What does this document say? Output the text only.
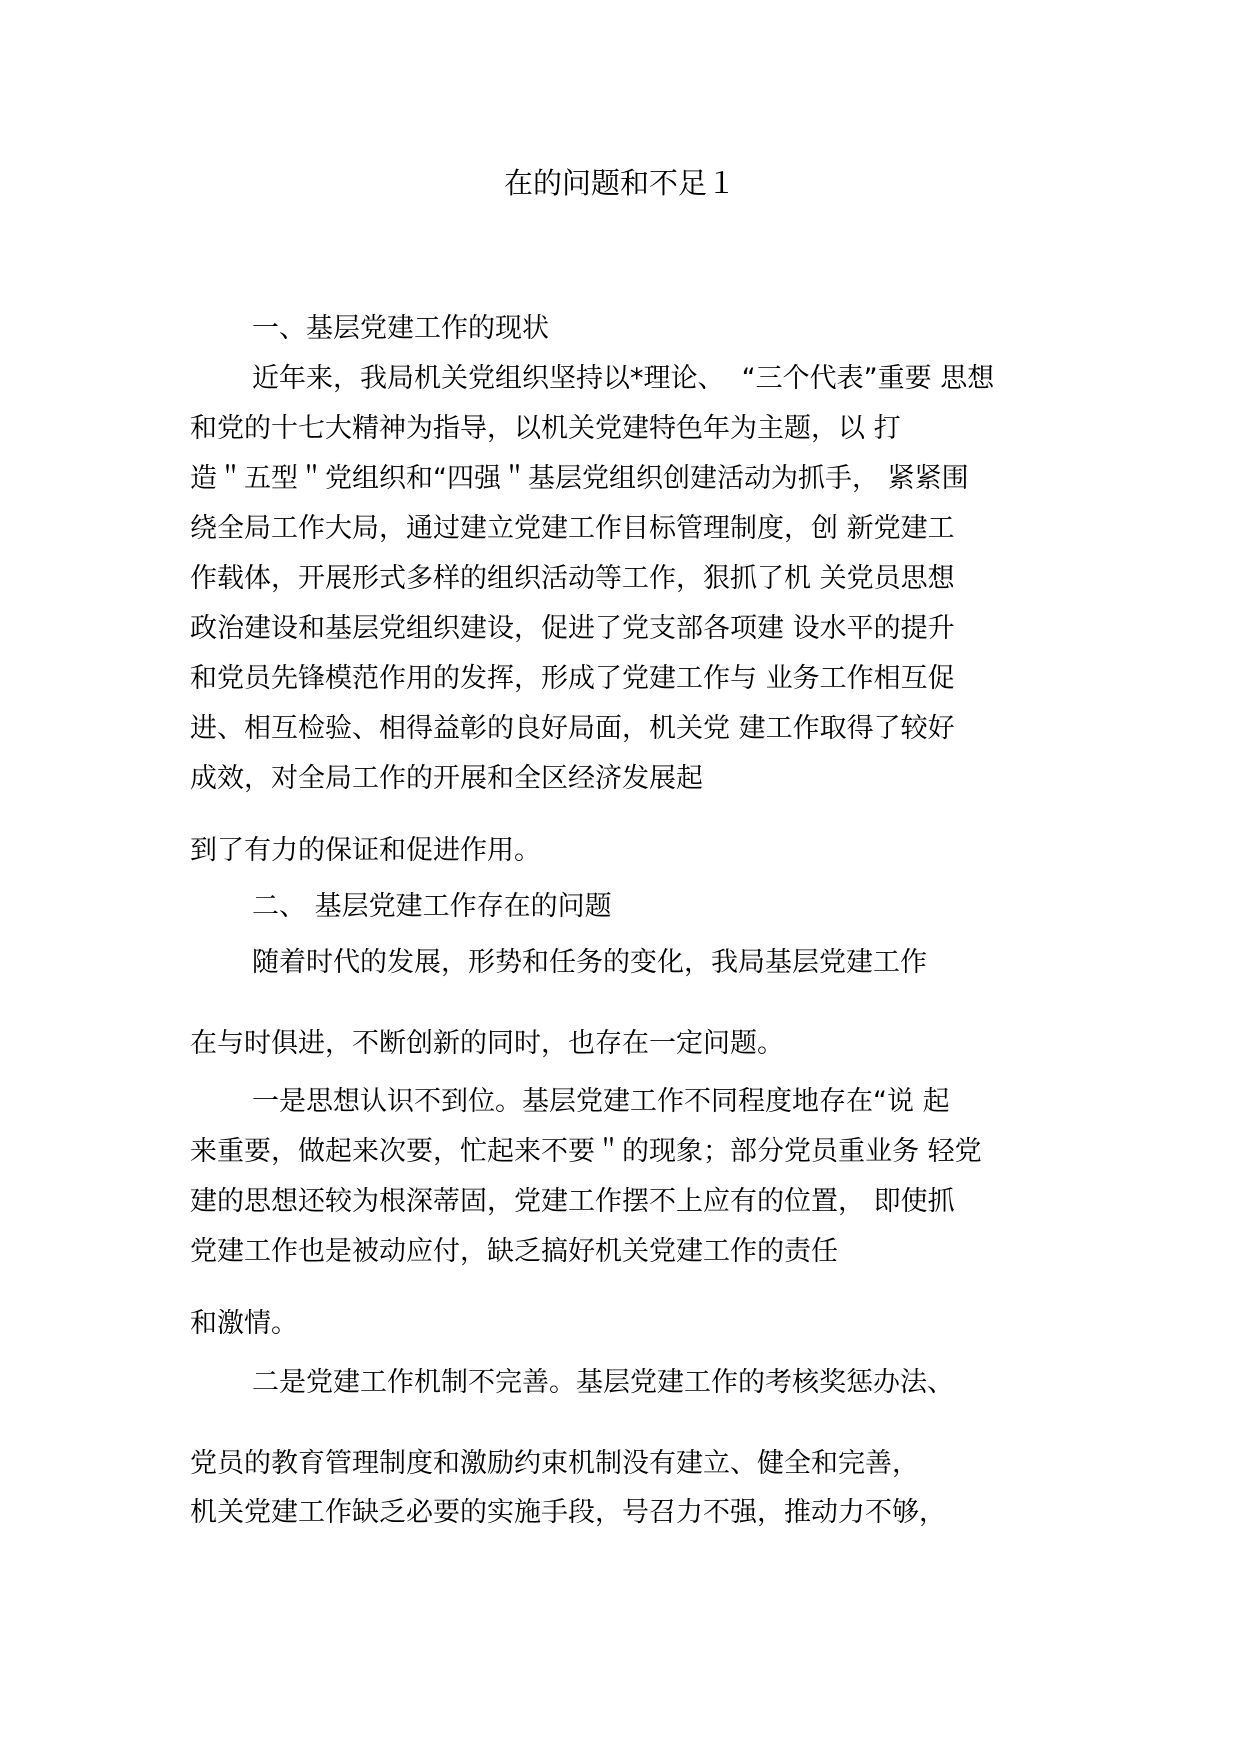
在的问题和不足１
一、基层党建工作的现状
近年来，我局机关党组织坚持以*理论、  “三个代表”重要 思想
和党的十七大精神为指导，以机关党建特色年为主题，以 打
造＂五型＂党组织和“四强＂基层党组织创建活动为抓手， 紧紧围
绕全局工作大局，通过建立党建工作目标管理制度，创 新党建工
作载体，开展形式多样的组织活动等工作，狠抓了机 关党员思想
政治建设和基层党组织建设，促进了党支部各项建 设水平的提升
和党员先锋模范作用的发挥，形成了党建工作与 业务工作相互促
进、相互检验、相得益彰的良好局面，机关党 建工作取得了较好
成效，对全局工作的开展和全区经济发展起
到了有力的保证和促进作用。
二、 基层党建工作存在的问题
随着时代的发展，形势和任务的变化，我局基层党建工作
在与时俱进，不断创新的同时，也存在一定问题。
一是思想认识不到位。基层党建工作不同程度地存在“说 起
来重要，做起来次要，忙起来不要＂的现象；部分党员重业务 轻党
建的思想还较为根深蒂固，党建工作摆不上应有的位置， 即使抓
党建工作也是被动应付，缺乏搞好机关党建工作的责任
和激情。
二是党建工作机制不完善。基层党建工作的考核奖惩办法、
党员的教育管理制度和激励约束机制没有建立、健全和完善，
机关党建工作缺乏必要的实施手段，号召力不强，推动力不够，
